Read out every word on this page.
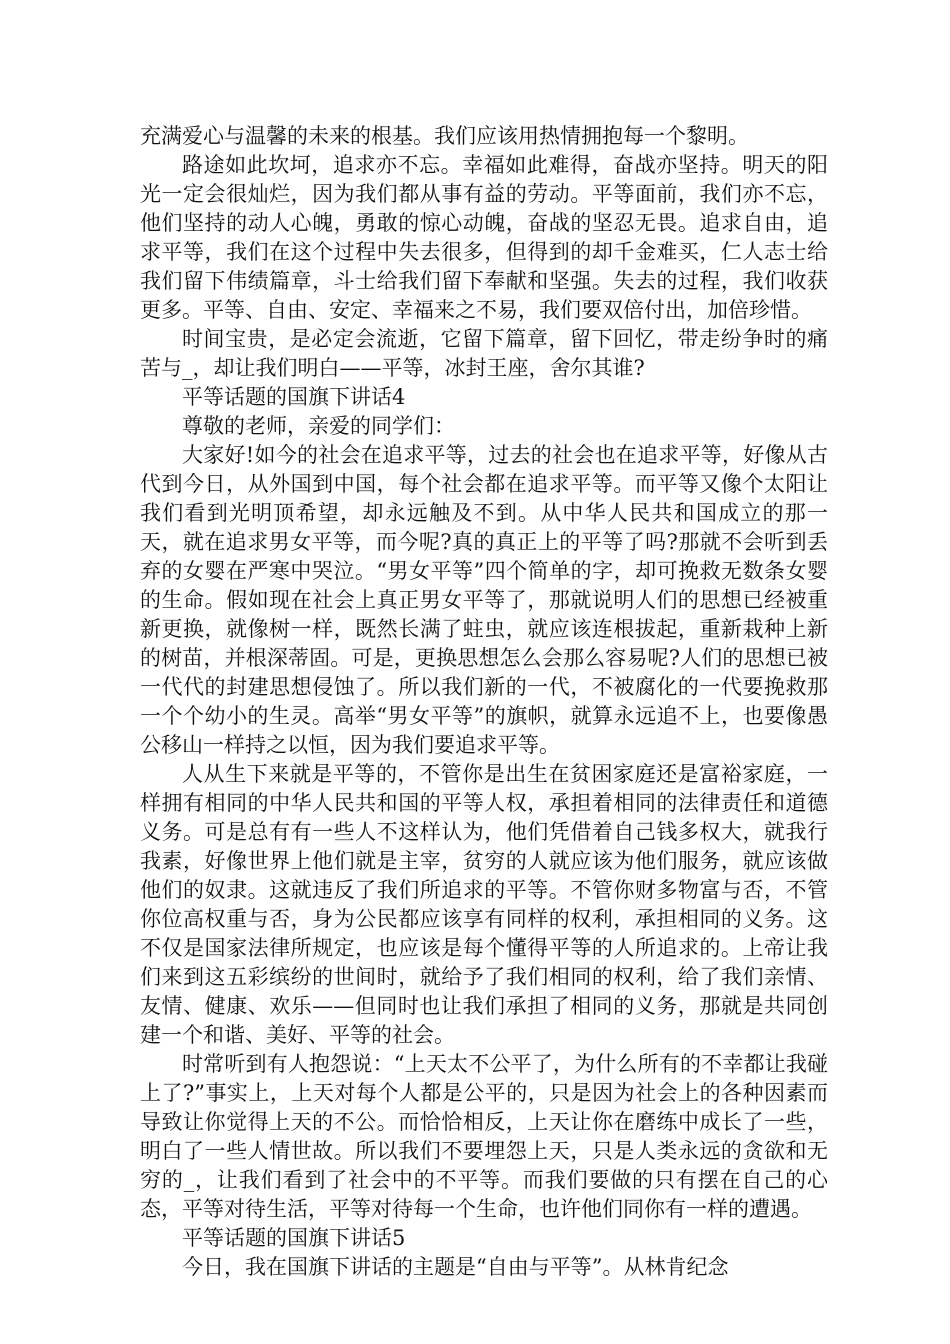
充满爱心与温馨的未来的根基。我们应该用热情拥抱每一个黎明。

路途如此坎坷，追求亦不忘。幸福如此难得，奋战亦坚持。明天的阳光一定会很灿烂，因为我们都从事有益的劳动。平等面前，我们亦不忘，他们坚持的动人心魄，勇敢的惊心动魄，奋战的坚忍无畏。追求自由，追求平等，我们在这个过程中失去很多，但得到的却千金难买，仁人志士给我们留下伟绩篇章，斗士给我们留下奉献和坚强。失去的过程，我们收获更多。平等、自由、安定、幸福来之不易，我们要双倍付出，加倍珍惜。

时间宝贵，是必定会流逝，它留下篇章，留下回忆，带走纷争时的痛苦与_，却让我们明白——平等，冰封王座，舍尔其谁?

平等话题的国旗下讲话4

尊敬的老师，亲爱的同学们：

大家好!如今的社会在追求平等，过去的社会也在追求平等，好像从古代到今日，从外国到中国，每个社会都在追求平等。而平等又像个太阳让我们看到光明顶希望，却永远触及不到。从中华人民共和国成立的那一天，就在追求男女平等，而今呢?真的真正上的平等了吗?那就不会听到丢弃的女婴在严寒中哭泣。“男女平等”四个简单的字，却可挽救无数条女婴的生命。假如现在社会上真正男女平等了，那就说明人们的思想已经被重新更换，就像树一样，既然长满了蛀虫，就应该连根拔起，重新栽种上新的树苗，并根深蒂固。可是，更换思想怎么会那么容易呢?人们的思想已被一代代的封建思想侵蚀了。所以我们新的一代，不被腐化的一代要挽救那一个个幼小的生灵。高举“男女平等”的旗帜，就算永远追不上，也要像愚公移山一样持之以恒，因为我们要追求平等。

人从生下来就是平等的，不管你是出生在贫困家庭还是富裕家庭，一样拥有相同的中华人民共和国的平等人权，承担着相同的法律责任和道德义务。可是总有有一些人不这样认为，他们凭借着自己钱多权大，就我行我素，好像世界上他们就是主宰，贫穷的人就应该为他们服务，就应该做他们的奴隶。这就违反了我们所追求的平等。不管你财多物富与否，不管你位高权重与否，身为公民都应该享有同样的权利，承担相同的义务。这不仅是国家法律所规定，也应该是每个懂得平等的人所追求的。上帝让我们来到这五彩缤纷的世间时，就给予了我们相同的权利，给了我们亲情、友情、健康、欢乐——但同时也让我们承担了相同的义务，那就是共同创建一个和谐、美好、平等的社会。

时常听到有人抱怨说：“上天太不公平了，为什么所有的不幸都让我碰上了?”事实上，上天对每个人都是公平的，只是因为社会上的各种因素而导致让你觉得上天的不公。而恰恰相反，上天让你在磨练中成长了一些，明白了一些人情世故。所以我们不要埋怨上天，只是人类永远的贪欲和无穷的_，让我们看到了社会中的不平等。而我们要做的只有摆在自己的心态，平等对待生活，平等对待每一个生命，也许他们同你有一样的遭遇。

平等话题的国旗下讲话5

今日，我在国旗下讲话的主题是“自由与平等”。从林肯纪念
